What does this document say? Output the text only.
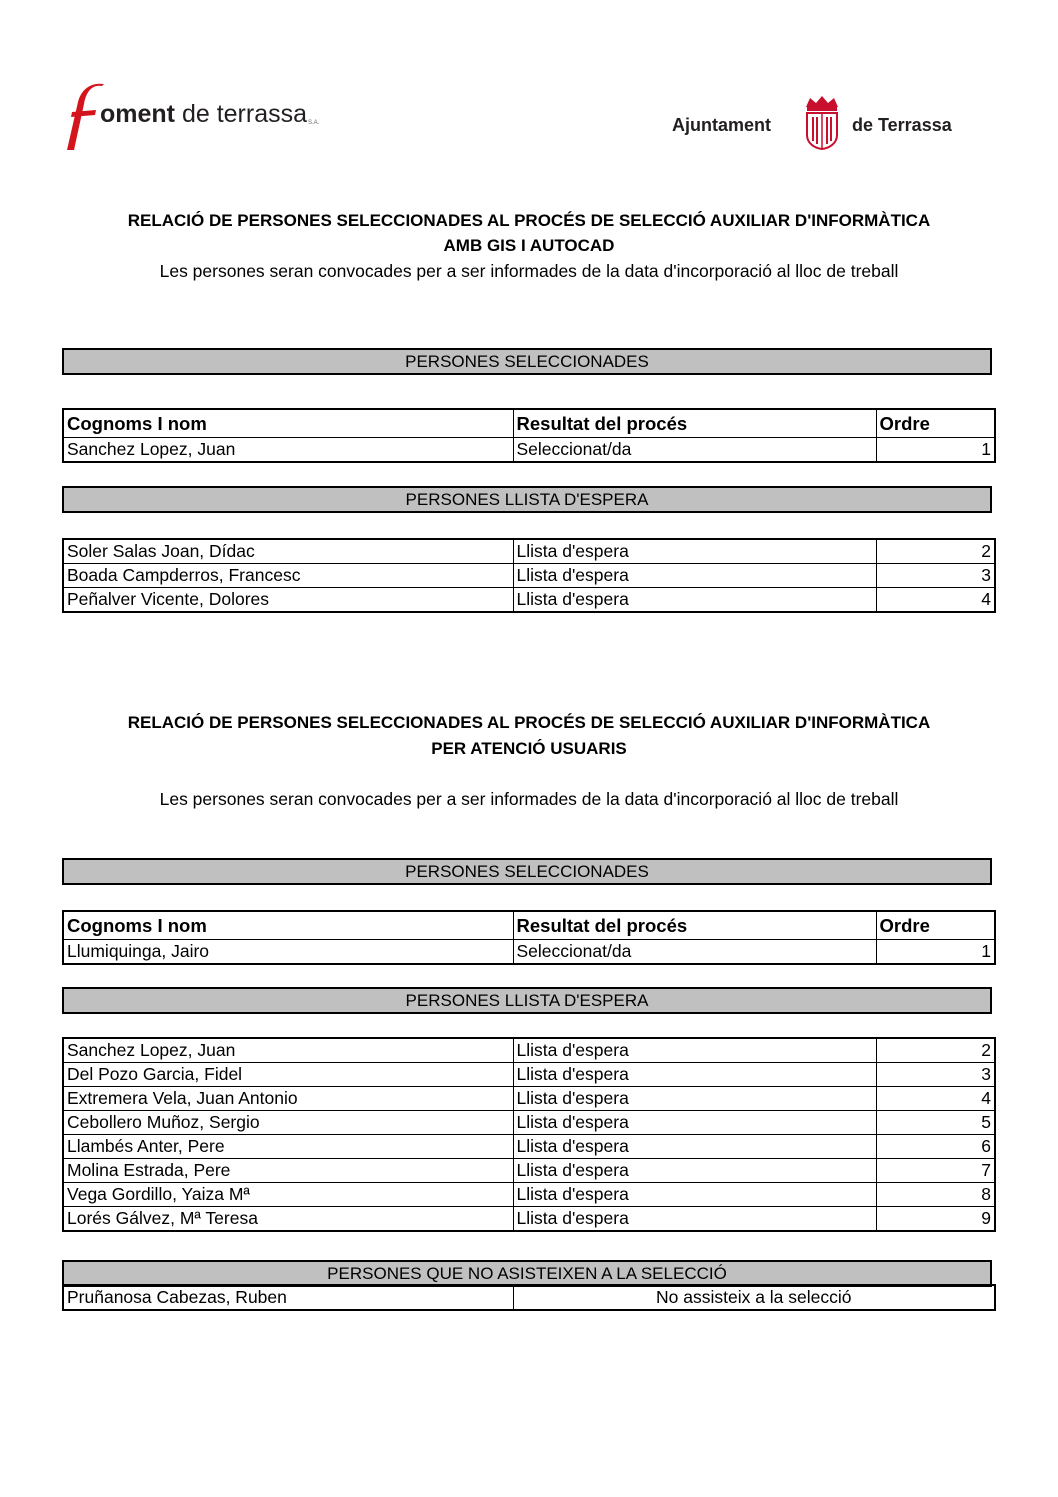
oment de terrassaS.A.	Ajuntament	de Terrassa
RELACIÓ DE PERSONES SELECCIONADES AL PROCÉS DE SELECCIÓ AUXILIAR D'INFORMÀTICA
AMB GIS I AUTOCAD
Les persones seran convocades per a ser informades de la data d'incorporació al lloc de treball
PERSONES SELECCIONADES
Cognoms I nom	Resultat del procés	Ordre
Sanchez Lopez, Juan	Seleccionat/da	1
PERSONES LLISTA D'ESPERA
Soler Salas Joan, Dídac	Llista d'espera	2
Boada Campderros, Francesc	Llista d'espera	3
Peñalver Vicente, Dolores	Llista d'espera	4
RELACIÓ DE PERSONES SELECCIONADES AL PROCÉS DE SELECCIÓ AUXILIAR D'INFORMÀTICA
PER ATENCIÓ USUARIS
Les persones seran convocades per a ser informades de la data d'incorporació al lloc de treball
PERSONES SELECCIONADES
Cognoms I nom	Resultat del procés	Ordre
Llumiquinga, Jairo	Seleccionat/da	1
PERSONES LLISTA D'ESPERA
Sanchez Lopez, Juan	Llista d'espera	2
Del Pozo Garcia, Fidel	Llista d'espera	3
Extremera Vela, Juan Antonio	Llista d'espera	4
Cebollero Muñoz, Sergio	Llista d'espera	5
Llambés Anter, Pere	Llista d'espera	6
Molina Estrada, Pere	Llista d'espera	7
Vega Gordillo, Yaiza Mª	Llista d'espera	8
Lorés Gálvez, Mª Teresa	Llista d'espera	9
PERSONES QUE NO ASISTEIXEN A LA SELECCIÓ
Pruñanosa Cabezas, Ruben	No assisteix a la selecció
